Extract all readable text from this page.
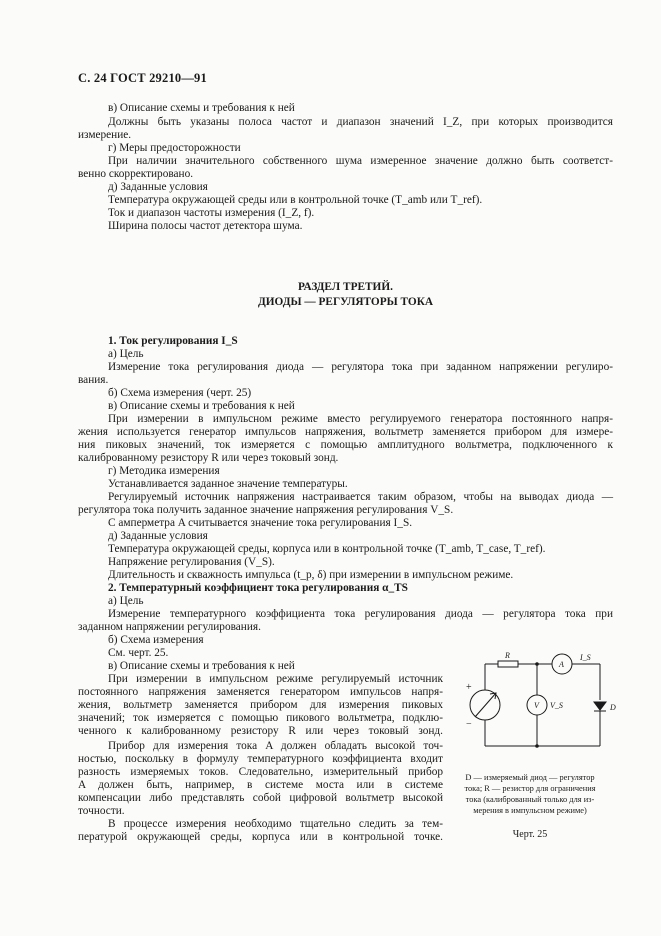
С. 24 ГОСТ 29210—91
в) Описание схемы и требования к ней
Должны быть указаны полоса частот и диапазон значений I_Z, при которых производится
измерение.
г) Меры предосторожности
При наличии значительного собственного шума измеренное значение должно быть соответст-
венно скорректировано.
д) Заданные условия
Температура окружающей среды или в контрольной точке (T_amb или T_ref).
Ток и диапазон частоты измерения (I_Z, f).
Ширина полосы частот детектора шума.
РАЗДЕЛ ТРЕТИЙ.
ДИОДЫ — РЕГУЛЯТОРЫ ТОКА
1. Ток регулирования I_S
а) Цель
Измерение тока регулирования диода — регулятора тока при заданном напряжении регулиро-
вания.
б) Схема измерения (черт. 25)
в) Описание схемы и требования к ней
При измерении в импульсном режиме вместо регулируемого генератора постоянного напря-
жения используется генератор импульсов напряжения, вольтметр заменяется прибором для измере-
ния пиковых значений, ток измеряется с помощью амплитудного вольтметра, подключенного к
калиброванному резистору R или через токовый зонд.
г) Методика измерения
Устанавливается заданное значение температуры.
Регулируемый источник напряжения настраивается таким образом, чтобы на выводах диода —
регулятора тока получить заданное значение напряжения регулирования V_S.
С амперметра A считывается значение тока регулирования I_S.
д) Заданные условия
Температура окружающей среды, корпуса или в контрольной точке (T_amb, T_case, T_ref).
Напряжение регулирования (V_S).
Длительность и скважность импульса (t_p, δ) при измерении в импульсном режиме.
2. Температурный коэффициент тока регулирования α_TS
а) Цель
Измерение температурного коэффициента тока регулирования диода — регулятора тока при
заданном напряжении регулирования.
б) Схема измерения
См. черт. 25.
в) Описание схемы и требования к ней
При измерении в импульсном режиме регулируемый источник
постоянного напряжения заменяется генератором импульсов напря-
жения, вольтметр заменяется прибором для измерения пиковых
значений; ток измеряется с помощью пикового вольтметра, подклю-
ченного к калиброванному резистору R или через токовый зонд.
Прибор для измерения тока A должен обладать высокой точ-
ностью, поскольку в формулу температурного коэффициента входит
разность измеряемых токов. Следовательно, измерительный прибор
A должен быть, например, в системе моста или в системе
компенсации либо представлять собой цифровой вольтметр высокой
точности.
В процессе измерения необходимо тщательно следить за тем-
пературой окружающей среды, корпуса или в контрольной точке.
R
A
I_S
V V_S	D
+
−
D — измеряемый диод — регулятор
тока; R — резистор для ограничения
тока (калиброванный только для из-
мерения в импульсном режиме)
Черт. 25
